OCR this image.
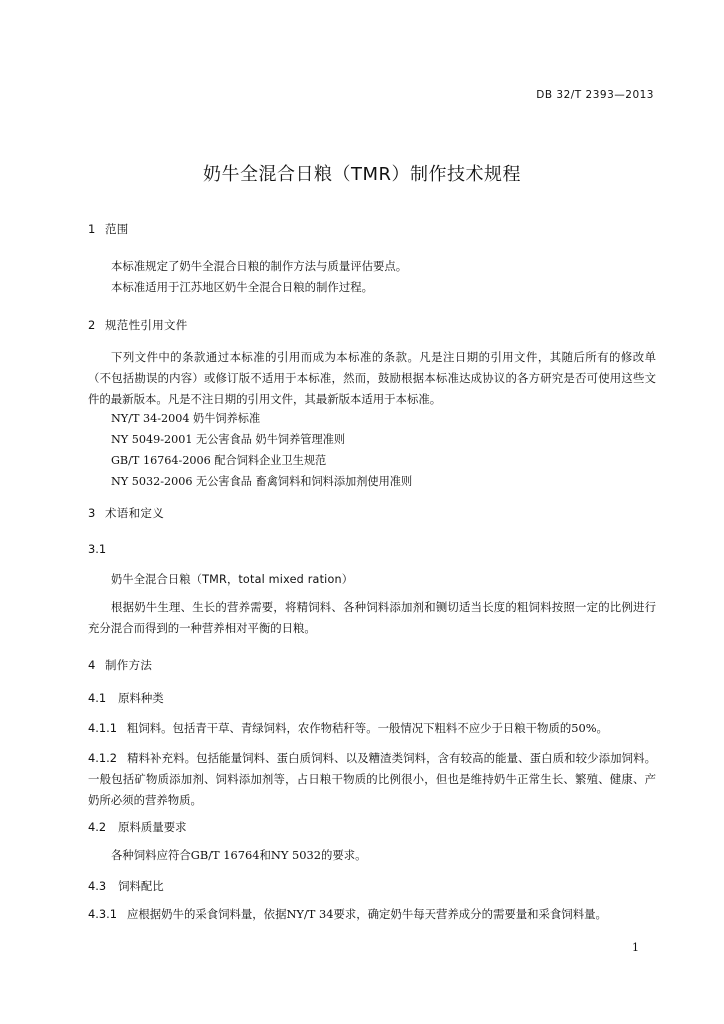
DB 32/T 2393—2013
奶牛全混合日粮（TMR）制作技术规程
1 范围

本标准规定了奶牛全混合日粮的制作方法与质量评估要点。

本标准适用于江苏地区奶牛全混合日粮的制作过程。

2 规范性引用文件

下列文件中的条款通过本标准的引用而成为本标准的条款。凡是注日期的引用文件，其随后所有的修改单（不包括勘误的内容）或修订版不适用于本标准，然而，鼓励根据本标准达成协议的各方研究是否可使用这些文件的最新版本。凡是不注日期的引用文件，其最新版本适用于本标准。

NY/T 34-2004 奶牛饲养标准
NY 5049-2001 无公害食品 奶牛饲养管理准则
GB/T 16764-2006 配合饲料企业卫生规范
NY 5032-2006 无公害食品 畜禽饲料和饲料添加剂使用准则
3 术语和定义
3.1
奶牛全混合日粮（TMR，total mixed ration）

根据奶牛生理、生长的营养需要，将精饲料、各种饲料添加剂和铡切适当长度的粗饲料按照一定的比例进行充分混合而得到的一种营养相对平衡的日粮。

4 制作方法
4.1 原料种类
4.1.1 粗饲料。包括青干草、青绿饲料，农作物秸秆等。一般情况下粗料不应少于日粮干物质的50%。
4.1.2 精料补充料。包括能量饲料、蛋白质饲料、以及糟渣类饲料，含有较高的能量、蛋白质和较少添加饲料。一般包括矿物质添加剂、饲料添加剂等，占日粮干物质的比例很小，但也是维持奶牛正常生长、繁殖、健康、产奶所必须的营养物质。
4.2 原料质量要求

各种饲料应符合GB/T 16764和NY 5032的要求。

4.3 饲料配比
4.3.1 应根据奶牛的采食饲料量，依据NY/T 34要求，确定奶牛每天营养成分的需要量和采食饲料量。
1
